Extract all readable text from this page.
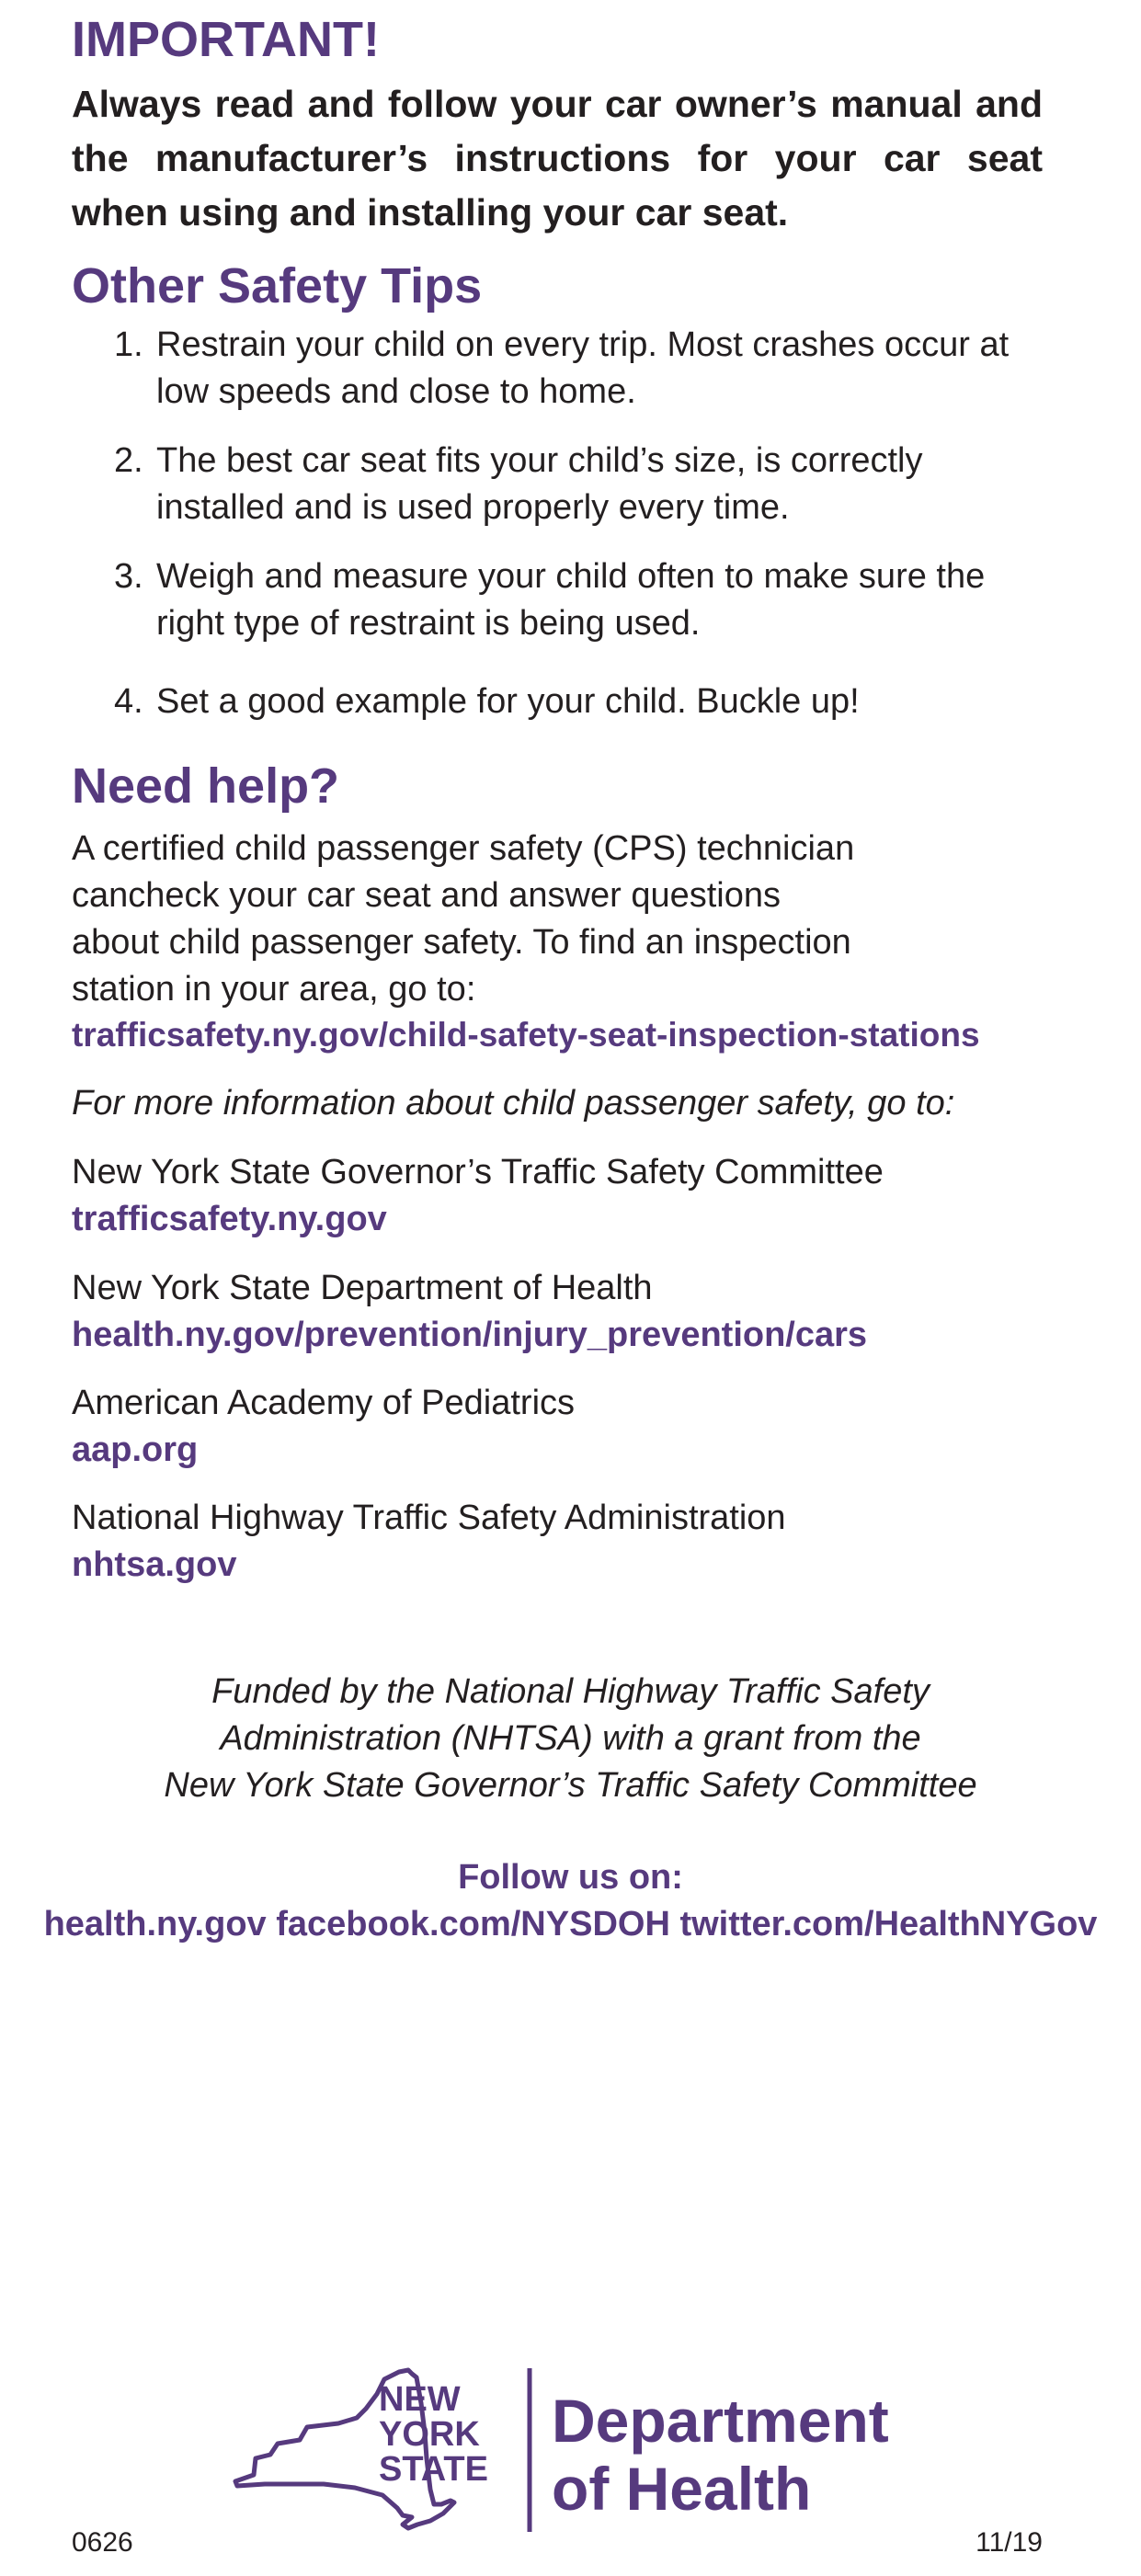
IMPORTANT!

Always read and follow your car owner’s manual and the manufacturer’s instructions for your car seat when using and installing your car seat.

Other Safety Tips
1. Restrain your child on every trip. Most crashes occur at low speeds and close to home.
2. The best car seat fits your child’s size, is correctly installed and is used properly every time.
3. Weigh and measure your child often to make sure the right type of restraint is being used.
4. Set a good example for your child. Buckle up!
Need help?
A certified child passenger safety (CPS) technician
cancheck your car seat and answer questions
about child passenger safety. To find an inspection
station in your area, go to:
trafficsafety.ny.gov/child-safety-seat-inspection-stations

For more information about child passenger safety, go to:

New York State Governor’s Traffic Safety Committee
trafficsafety.ny.gov
New York State Department of Health
health.ny.gov/prevention/injury_prevention/cars
American Academy of Pediatrics
aap.org
National Highway Traffic Safety Administration
nhtsa.gov
Funded by the National Highway Traffic Safety
Administration (NHTSA) with a grant from the
New York State Governor’s Traffic Safety Committee
Follow us on:
health.ny.gov facebook.com/NYSDOH twitter.com/HealthNYGov
NEW
YORK
STATE
Department
of Health
0626	11/19
